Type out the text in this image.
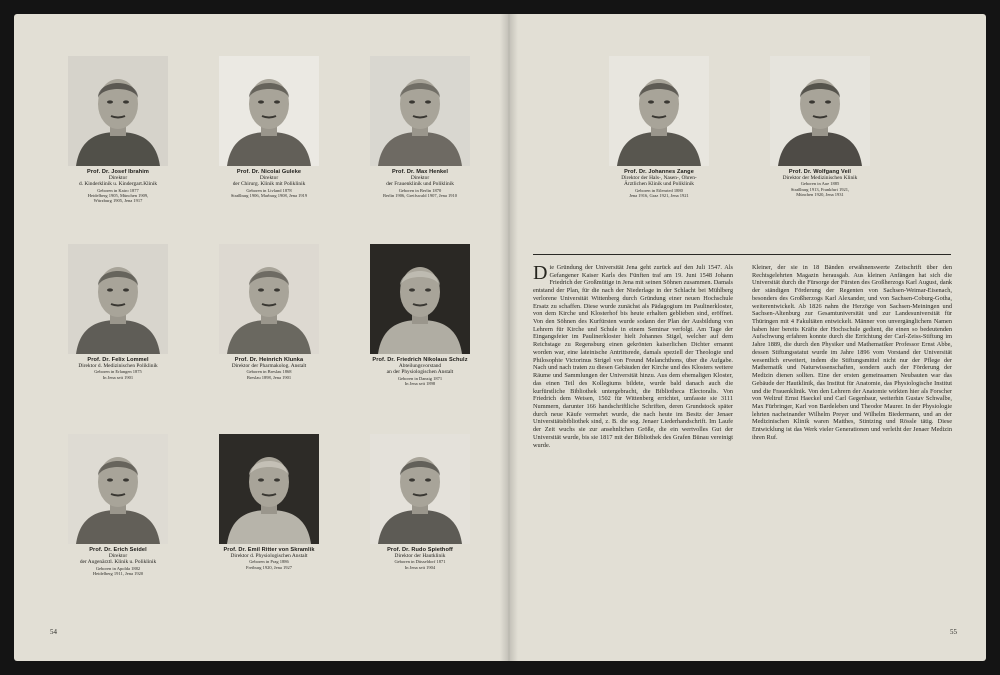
Prof. Dr. Josef Ibrahim
Direktor
d. Kinderklinik u. Kindergart.Klinik
Geboren in Kairo 1877
Heidelberg 1905, München 1909,
Würzburg 1905, Jena 1917
Prof. Dr. Nicolai Guleke
Direktor
der Chirurg. Klinik mit Poliklinik
Geboren in Livland 1878
Straßburg 1906, Marburg 1908, Jena 1919
Prof. Dr. Max Henkel
Direktor
der Frauenklinik und Poliklinik
Geboren in Berlin 1870
Berlin 1906, Greifswald 1907, Jena 1910
Prof. Dr. Johannes Zange
Direktor der Hals-, Nasen-, Ohren-
Ärztlichen Klinik und Poliklinik
Geboren in Eilenried 1880
Jena 1916, Graz 1921, Jena 1921
Prof. Dr. Wolfgang Veil
Direktor der Medizinischen Klinik
Geboren in Aue 1885
Straßburg 1913, Frankfurt 1921,
München 1920, Jena 1931
Prof. Dr. Felix Lommel
Direktor d. Medizinischen Poliklinik
Geboren in Erlangen 1875
In Jena seit 1901
Prof. Dr. Heinrich Klunka
Direktor der Pharmakolog. Anstalt
Geboren in Breslau 1868
Breslau 1898, Jena 1901
Prof. Dr. Friedrich Nikolaus Schulz
Abteilungsvorstand
an der Physiologischen Anstalt
Geboren in Danzig 1871
In Jena seit 1898
Prof. Dr. Erich Seidel
Direktor
der Augenärztl. Klinik u. Poliklinik
Geboren in Apolda 1882
Heidelberg 1911, Jena 1920
Prof. Dr. Emil Ritter von Skramlik
Direktor d. Physiologischen Anstalt
Geboren in Prag 1886
Freiburg 1920, Jena 1927
Prof. Dr. Rudo Spiethoff
Direktor der Hautklinik
Geboren in Düsseldorf 1871
In Jena seit 1904
Die Gründung der Universität Jena geht zurück auf den Juli 1547. Als Gefangener Kaiser Karls des Fünften traf am 19. Juni 1548 Johann Friedrich der Großmütige in Jena mit seinen Söhnen zusammen. Damals entstand der Plan, für die nach der Niederlage in der Schlacht bei Mühlberg verlorene Universität Wittenberg durch Gründung einer neuen Hochschule Ersatz zu schaffen. Diese wurde zunächst als Pädagogium im Paulinerkloster, von dem Kirche und Klosterhof bis heute erhalten geblieben sind, eröffnet. Von den Söhnen des Kurfürsten wurde sodann der Plan der Ausbildung von Lehrern für Kirche und Schule in einem Seminar verfolgt. Am Tage der Eingangsfeier im Paulinerkloster hielt Johannes Stigel, welcher auf dem Reichstage zu Regensburg einen gekrönten kaiserlichen Dichter ernannt worden war, eine lateinische Antrittsrede, damals speziell der Theologie und Philosophie Victorinus Strigel von Freund Melanchthons, über die Aufgabe. Nach und nach traten zu diesen Gebäuden der Kirche und des Klosters weitere Räume und Sammlungen der Universität hinzu. Aus dem ehemaligen Kloster, das einen Teil des Kollegiums bildete, wurde bald danach auch die kurfürstliche Bibliothek untergebracht, die Bibliotheca Electoralis. Von Friedrich dem Weisen, 1502 für Wittenberg errichtet, umfasste sie 3111 Nummern, darunter 166 handschriftliche Schriften, deren Grundstock später durch neue Käufe vermehrt wurde, die nach heute im Besitz der Jenaer Universitätsbibliothek sind, z. B. die sog. Jenaer Liederhandschrift. Im Laufe der Zeit wuchs sie zur ansehnlichen Größe, die ein wertvolles Gut der Universität wurde, bis sie 1817 mit der Bibliothek des Grafen Bünau vereinigt wurde.
Kleiner, der sie in 18 Bänden erwähnenswerte Zeitschrift über den Rechtsgelehrten Magazin herausgab. Aus kleinen Anfängen hat sich die Universität durch die Fürsorge der Fürsten des Großherzogs Karl August, dank der ständigen Förderung der Regenten von Sachsen-Weimar-Eisenach, besonders des Großherzogs Karl Alexander, und von Sachsen-Coburg-Gotha, weiterentwickelt. Ab 1826 nahm die Herzöge von Sachsen-Meiningen und Sachsen-Altenburg zur Gesamtuniversität und zur Landesuniversität für Thüringen mit 4 Fakultäten entwickelt. Männer von unvergänglichem Namen haben hier bereits Kräfte der Hochschule gedient, die einen so bedeutenden Aufschwung erfahren konnte durch die Errichtung der Carl-Zeiss-Stiftung im Jahre 1889, die durch den Physiker und Mathematiker Professor Ernst Abbe, dessen Stiftungsstatut wurde im Jahre 1896 vom Vorstand der Universität wesentlich erweitert, indem die Stiftungsmittel nicht nur der Pflege der Mathematik und Naturwissenschaften, sondern auch der Förderung der Medizin dienen sollten. Eine der ersten gemeinsamen Neubauten war das Gebäude der Hautklinik, das Institut für Anatomie, das Physiologische Institut und die Frauenklinik. Von den Lehrern der Anatomie wirkten hier als Forscher von Weltruf Ernst Haeckel und Carl Gegenbaur, weiterhin Gustav Schwalbe, Max Fürbringer, Karl von Bardeleben und Theodor Maurer. In der Physiologie lehrten nacheinander Wilhelm Preyer und Wilhelm Biedermann, und an der Medizinischen Klinik waren Matthes, Stintzing und Rössle tätig. Diese Entwicklung ist das Werk vieler Generationen und verleiht der Jenaer Medizin ihren Ruf.
54	55
